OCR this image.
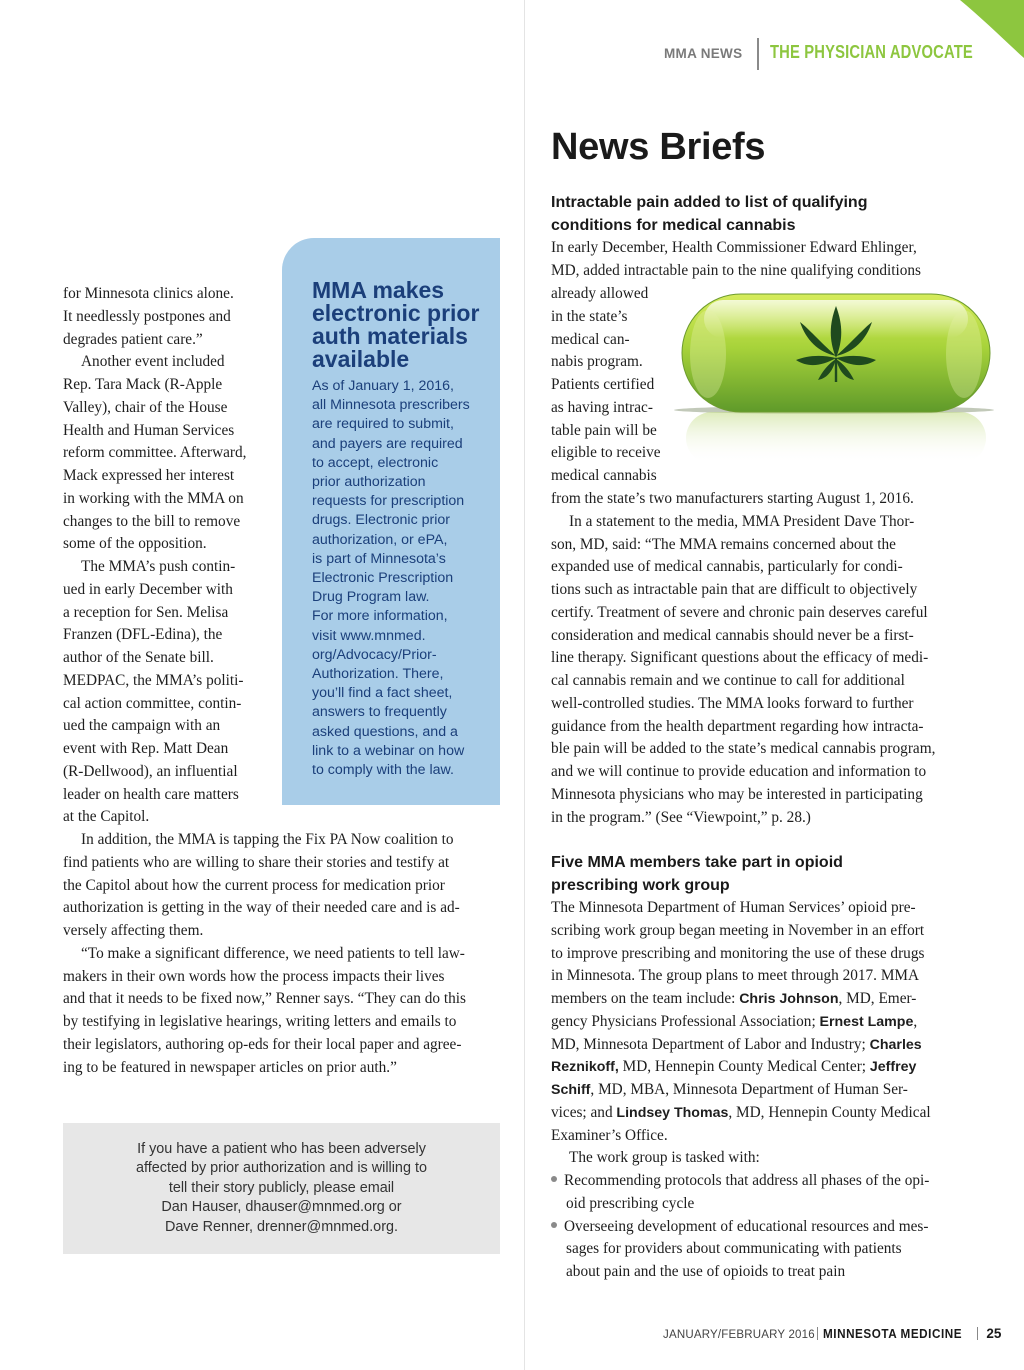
MMA NEWS THE PHYSICIAN ADVOCATE
News Briefs
for Minnesota clinics alone.
It needlessly postpones and
degrades patient care.”
Another event included
Rep. Tara Mack (R-Apple
Valley), chair of the House
Health and Human Services
reform committee. Afterward,
Mack expressed her interest
in working with the MMA on
changes to the bill to remove
some of the opposition.
The MMA’s push contin-
ued in early December with
a reception for Sen. Melisa
Franzen (DFL-Edina), the
author of the Senate bill.
MEDPAC, the MMA’s politi-
cal action committee, contin-
ued the campaign with an
event with Rep. Matt Dean
(R-Dellwood), an influential
leader on health care matters
at the Capitol.
In addition, the MMA is tapping the Fix PA Now coalition to
find patients who are willing to share their stories and testify at
the Capitol about how the current process for medication prior
authorization is getting in the way of their needed care and is ad-
versely affecting them.
“To make a significant difference, we need patients to tell law-
makers in their own words how the process impacts their lives
and that it needs to be fixed now,” Renner says. “They can do this
by testifying in legislative hearings, writing letters and emails to
their legislators, authoring op-eds for their local paper and agree-
ing to be featured in newspaper articles on prior auth.”
MMA makes
electronic prior
auth materials
available
As of January 1, 2016,
all Minnesota prescribers
are required to submit,
and payers are required
to accept, electronic
prior authorization
requests for prescription
drugs. Electronic prior
authorization, or ePA,
is part of Minnesota’s
Electronic Prescription
Drug Program law.
For more information,
visit www.mnmed.
org/Advocacy/Prior-
Authorization. There,
you’ll find a fact sheet,
answers to frequently
asked questions, and a
link to a webinar on how
to comply with the law.
If you have a patient who has been adversely
affected by prior authorization and is willing to
tell their story publicly, please email
Dan Hauser, dhauser@mnmed.org or
Dave Renner, drenner@mnmed.org.
Intractable pain added to list of qualifying
conditions for medical cannabis
In early December, Health Commissioner Edward Ehlinger,
MD, added intractable pain to the nine qualifying conditions
already allowed
in the state’s
medical can-
nabis program.
Patients certified
as having intrac-
table pain will be
eligible to receive
medical cannabis
from the state’s two manufacturers starting August 1, 2016.
In a statement to the media, MMA President Dave Thor-
son, MD, said: “The MMA remains concerned about the
expanded use of medical cannabis, particularly for condi-
tions such as intractable pain that are difficult to objectively
certify. Treatment of severe and chronic pain deserves careful
consideration and medical cannabis should never be a first-
line therapy. Significant questions about the efficacy of medi-
cal cannabis remain and we continue to call for additional
well-controlled studies. The MMA looks forward to further
guidance from the health department regarding how intracta-
ble pain will be added to the state’s medical cannabis program,
and we will continue to provide education and information to
Minnesota physicians who may be interested in participating
in the program.” (See “Viewpoint,” p. 28.)
Five MMA members take part in opioid
prescribing work group
The Minnesota Department of Human Services’ opioid pre-
scribing work group began meeting in November in an effort
to improve prescribing and monitoring the use of these drugs
in Minnesota. The group plans to meet through 2017. MMA
members on the team include: Chris Johnson, MD, Emer-
gency Physicians Professional Association; Ernest Lampe,
MD, Minnesota Department of Labor and Industry; Charles
Reznikoff, MD, Hennepin County Medical Center; Jeffrey
Schiff, MD, MBA, Minnesota Department of Human Ser-
vices; and Lindsey Thomas, MD, Hennepin County Medical
Examiner’s Office.
The work group is tasked with:
Recommending protocols that address all phases of the opi-
oid prescribing cycle
Overseeing development of educational resources and mes-
sages for providers about communicating with patients
about pain and the use of opioids to treat pain
JANUARY/FEBRUARY 2016 MINNESOTA MEDICINE 25
